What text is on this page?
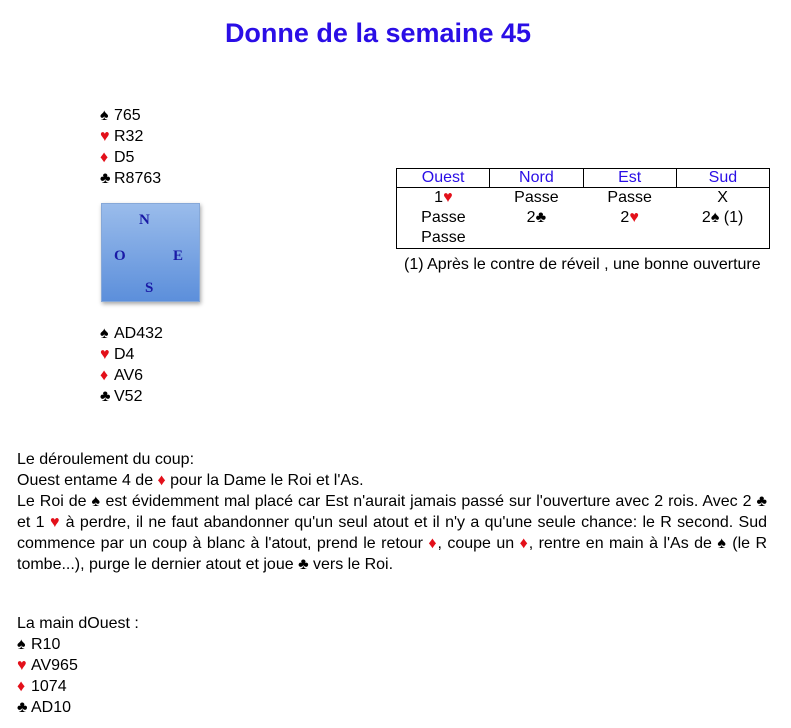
Donne de la semaine 45
♠ 765
♥ R32
♦ D5
♣ R8763
N
O	E
S
♠ AD432
♥ D4
♦ AV6
♣ V52
Ouest	Nord	Est	Sud
1♥	Passe	Passe	X
Passe	2♣	2♥	2♠ (1)
Passe			
(1) Après le contre de réveil , une bonne ouverture

Le déroulement du coup:

Ouest entame 4 de ♦ pour la Dame le Roi et l'As.

Le Roi de ♠ est évidemment mal placé car Est n'aurait jamais passé sur l'ouverture avec 2 rois. Avec 2 ♣ et 1 ♥ à perdre, il ne faut abandonner qu'un seul atout et il n'y a qu'une seule chance: le R second. Sud commence par un coup à blanc à l'atout, prend le retour ♦, coupe un ♦, rentre en main à l'As de ♠ (le R tombe...), purge le dernier atout et joue ♣ vers le Roi.

La main dOuest :
♠ R10
♥ AV965
♦ 1074
♣ AD10
